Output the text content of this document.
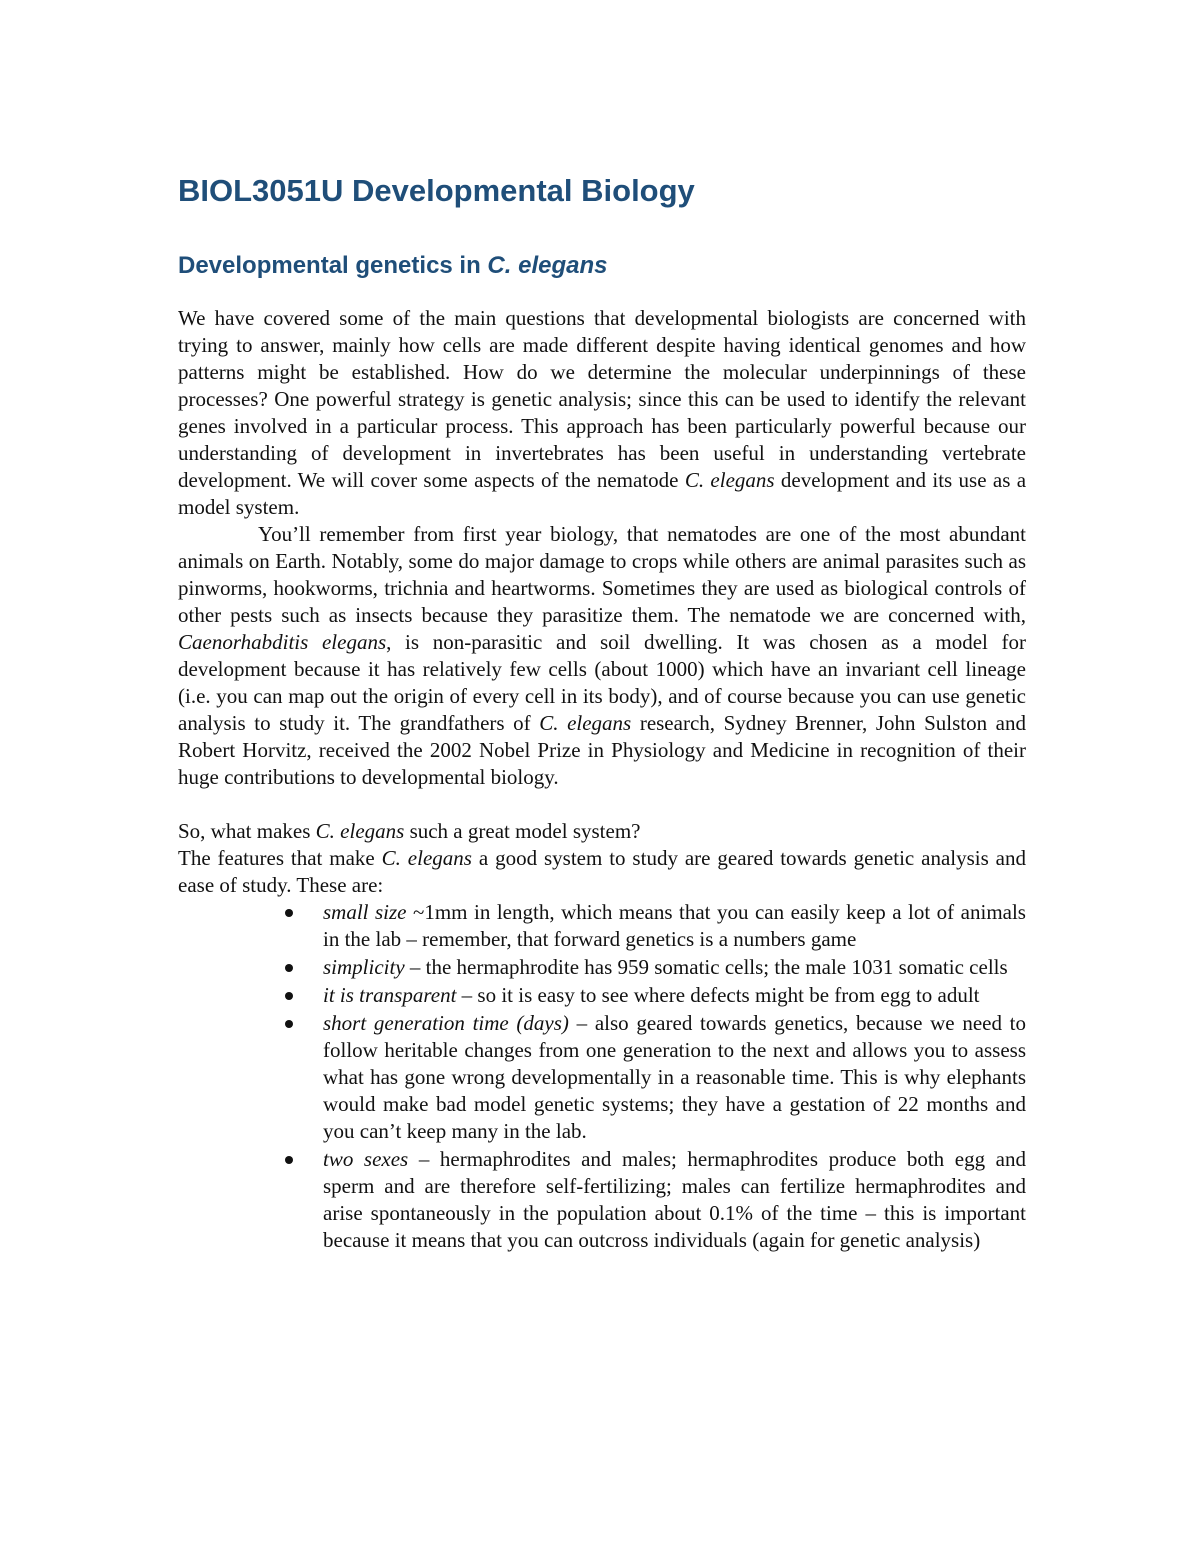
BIOL3051U Developmental Biology
Developmental genetics in C. elegans

We have covered some of the main questions that developmental biologists are concerned with trying to answer, mainly how cells are made different despite having identical genomes and how patterns might be established. How do we determine the molecular underpinnings of these processes? One powerful strategy is genetic analysis; since this can be used to identify the relevant genes involved in a particular process. This approach has been particularly powerful because our understanding of development in invertebrates has been useful in understanding vertebrate development. We will cover some aspects of the nematode C. elegans development and its use as a model system.

You’ll remember from first year biology, that nematodes are one of the most abundant animals on Earth. Notably, some do major damage to crops while others are animal parasites such as pinworms, hookworms, trichnia and heartworms. Sometimes they are used as biological controls of other pests such as insects because they parasitize them. The nematode we are concerned with, Caenorhabditis elegans, is non-parasitic and soil dwelling. It was chosen as a model for development because it has relatively few cells (about 1000) which have an invariant cell lineage (i.e. you can map out the origin of every cell in its body), and of course because you can use genetic analysis to study it. The grandfathers of C. elegans research, Sydney Brenner, John Sulston and Robert Horvitz, received the 2002 Nobel Prize in Physiology and Medicine in recognition of their huge contributions to developmental biology.

So, what makes C. elegans such a great model system?

The features that make C. elegans a good system to study are geared towards genetic analysis and ease of study. These are:

small size ~1mm in length, which means that you can easily keep a lot of animals in the lab – remember, that forward genetics is a numbers game
simplicity – the hermaphrodite has 959 somatic cells; the male 1031 somatic cells
it is transparent – so it is easy to see where defects might be from egg to adult
short generation time (days) – also geared towards genetics, because we need to follow heritable changes from one generation to the next and allows you to assess what has gone wrong developmentally in a reasonable time. This is why elephants would make bad model genetic systems; they have a gestation of 22 months and you can’t keep many in the lab.
two sexes – hermaphrodites and males; hermaphrodites produce both egg and sperm and are therefore self-fertilizing; males can fertilize hermaphrodites and arise spontaneously in the population about 0.1% of the time – this is important because it means that you can outcross individuals (again for genetic analysis)
